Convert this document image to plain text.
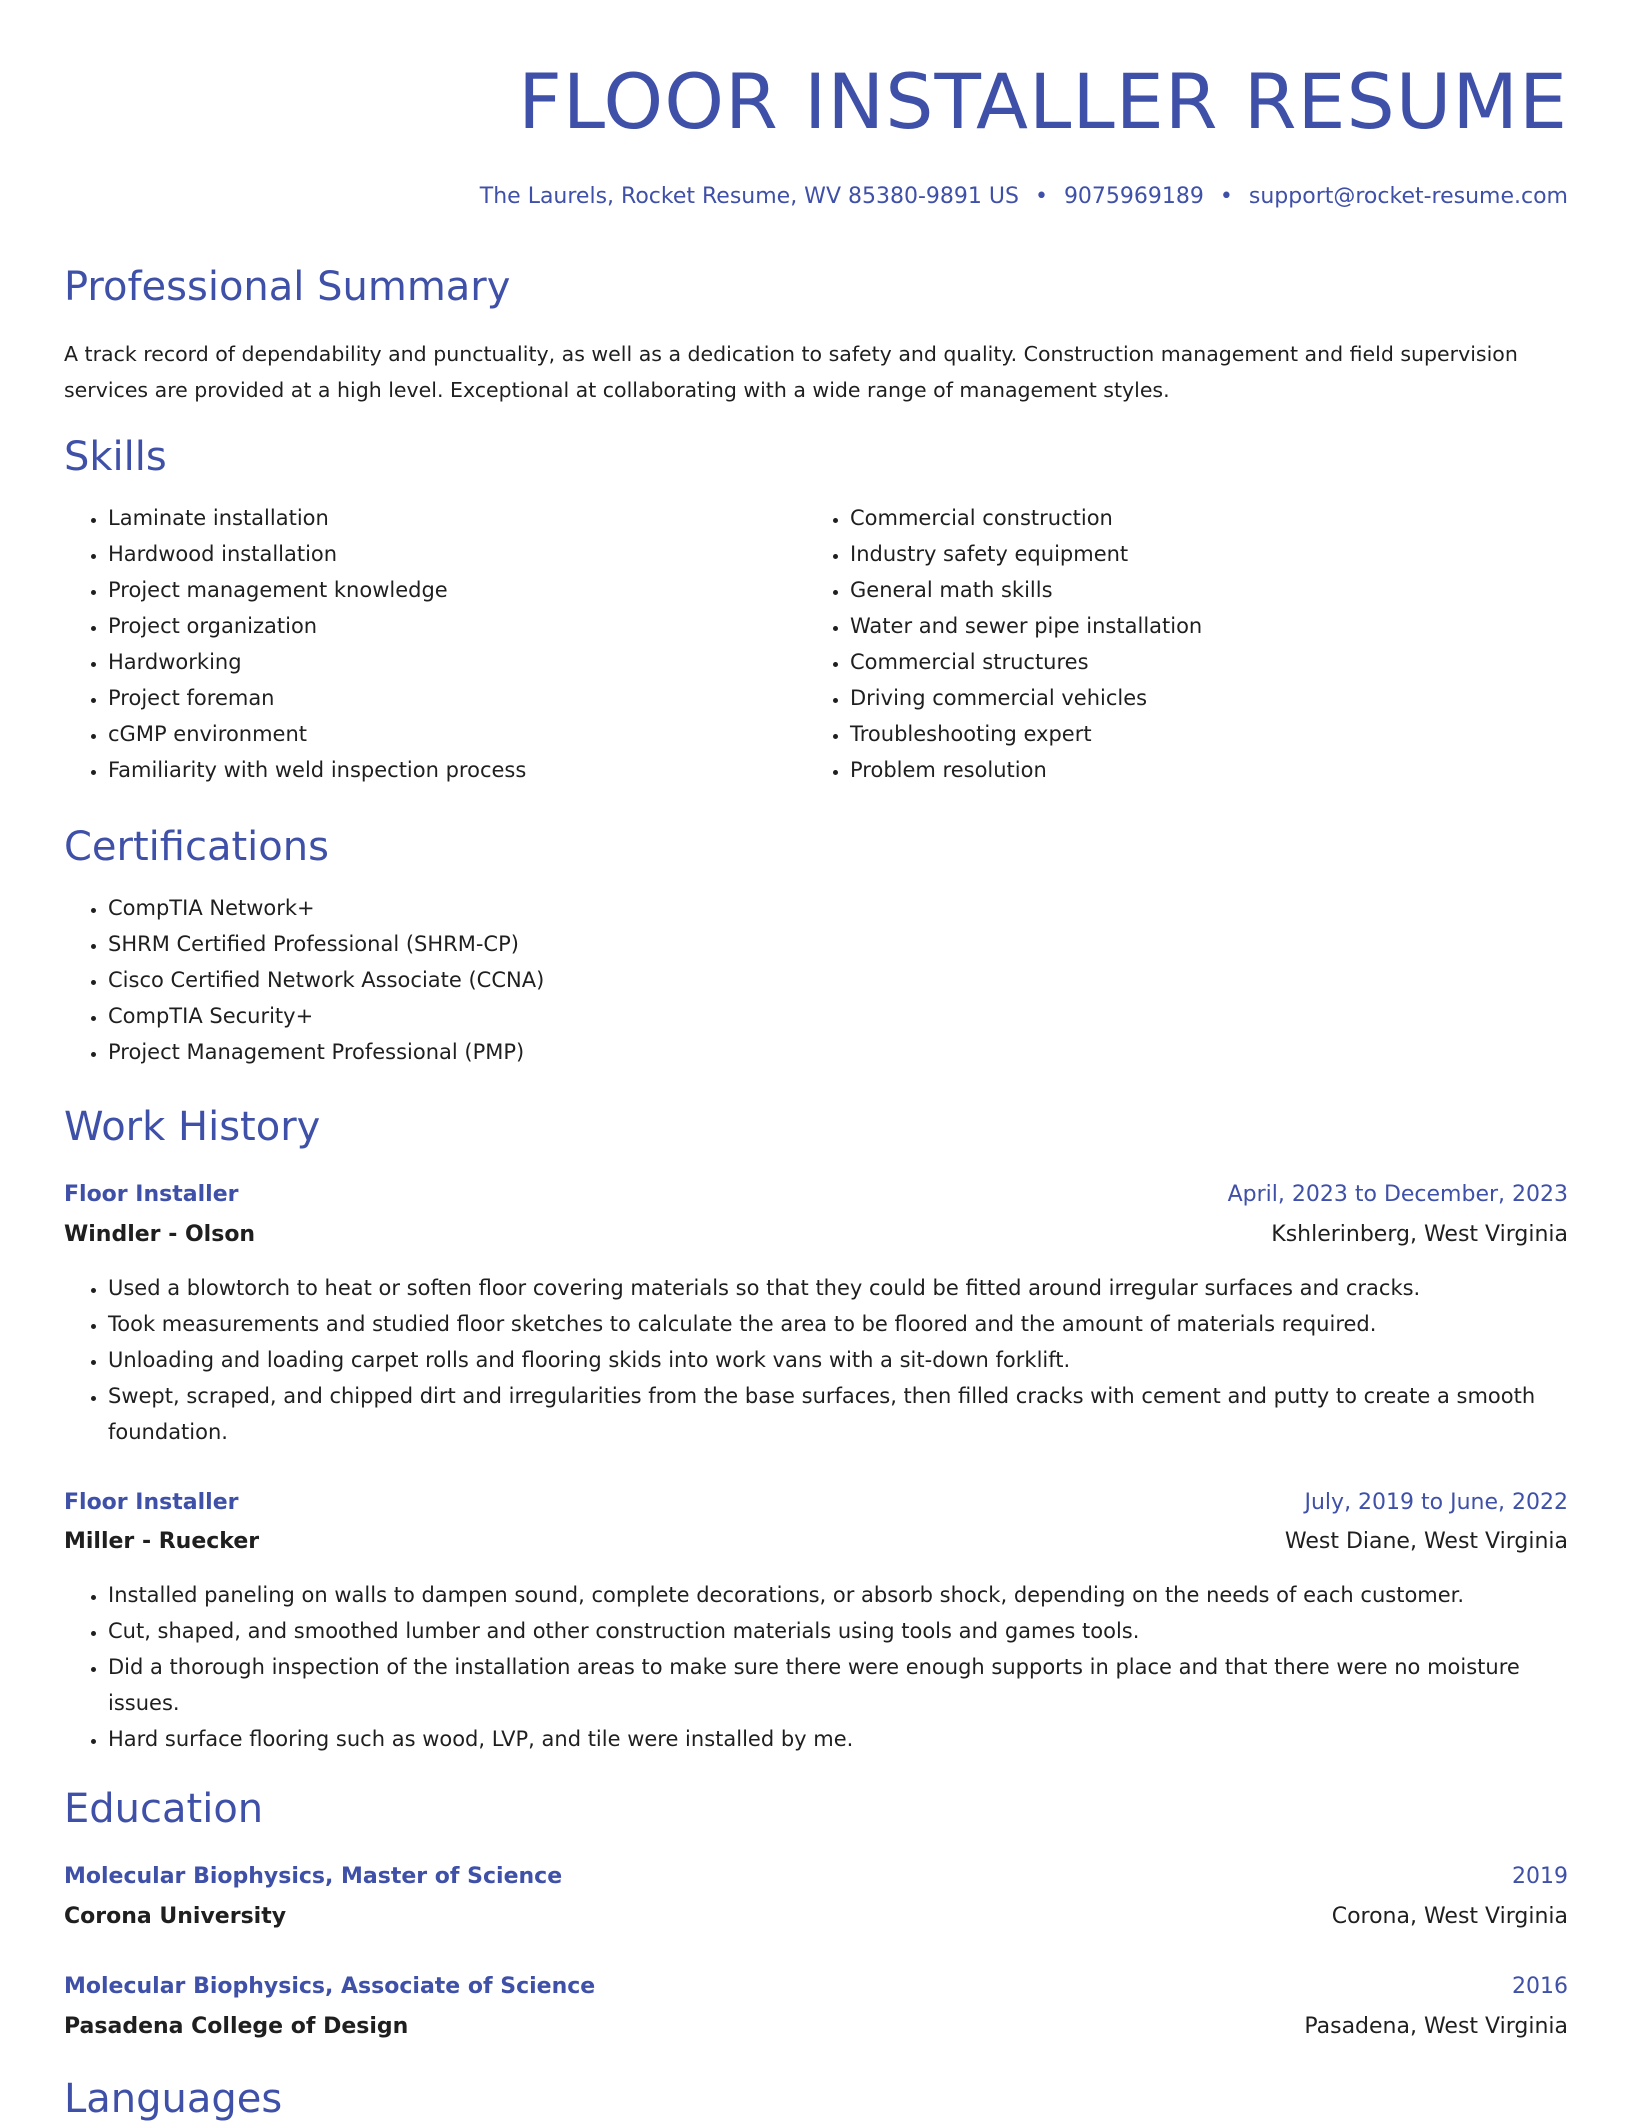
FLOOR INSTALLER RESUME
The Laurels, Rocket Resume, WV 85380-9891 US • 9075969189 • support@rocket-resume.com
Professional Summary

A track record of dependability and punctuality, as well as a dedication to safety and quality. Construction management and field supervision services are provided at a high level. Exceptional at collaborating with a wide range of management styles.

Skills
• Laminate installation
• Hardwood installation
• Project management knowledge
• Project organization
• Hardworking
• Project foreman
• cGMP environment
• Familiarity with weld inspection process
• Commercial construction
• Industry safety equipment
• General math skills
• Water and sewer pipe installation
• Commercial structures
• Driving commercial vehicles
• Troubleshooting expert
• Problem resolution
Certifications
• CompTIA Network+
• SHRM Certified Professional (SHRM-CP)
• Cisco Certified Network Associate (CCNA)
• CompTIA Security+
• Project Management Professional (PMP)
Work History
Floor Installer	April, 2023 to December, 2023
Windler - Olson	Kshlerinberg, West Virginia
• Used a blowtorch to heat or soften floor covering materials so that they could be fitted around irregular surfaces and cracks.
• Took measurements and studied floor sketches to calculate the area to be floored and the amount of materials required.
• Unloading and loading carpet rolls and flooring skids into work vans with a sit-down forklift.
• Swept, scraped, and chipped dirt and irregularities from the base surfaces, then filled cracks with cement and putty to create a smooth foundation.
Floor Installer	July, 2019 to June, 2022
Miller - Ruecker	West Diane, West Virginia
• Installed paneling on walls to dampen sound, complete decorations, or absorb shock, depending on the needs of each customer.
• Cut, shaped, and smoothed lumber and other construction materials using tools and games tools.
• Did a thorough inspection of the installation areas to make sure there were enough supports in place and that there were no moisture issues.
• Hard surface flooring such as wood, LVP, and tile were installed by me.
Education
Molecular Biophysics, Master of Science	2019
Corona University	Corona, West Virginia
Molecular Biophysics, Associate of Science	2016
Pasadena College of Design	Pasadena, West Virginia
Languages
